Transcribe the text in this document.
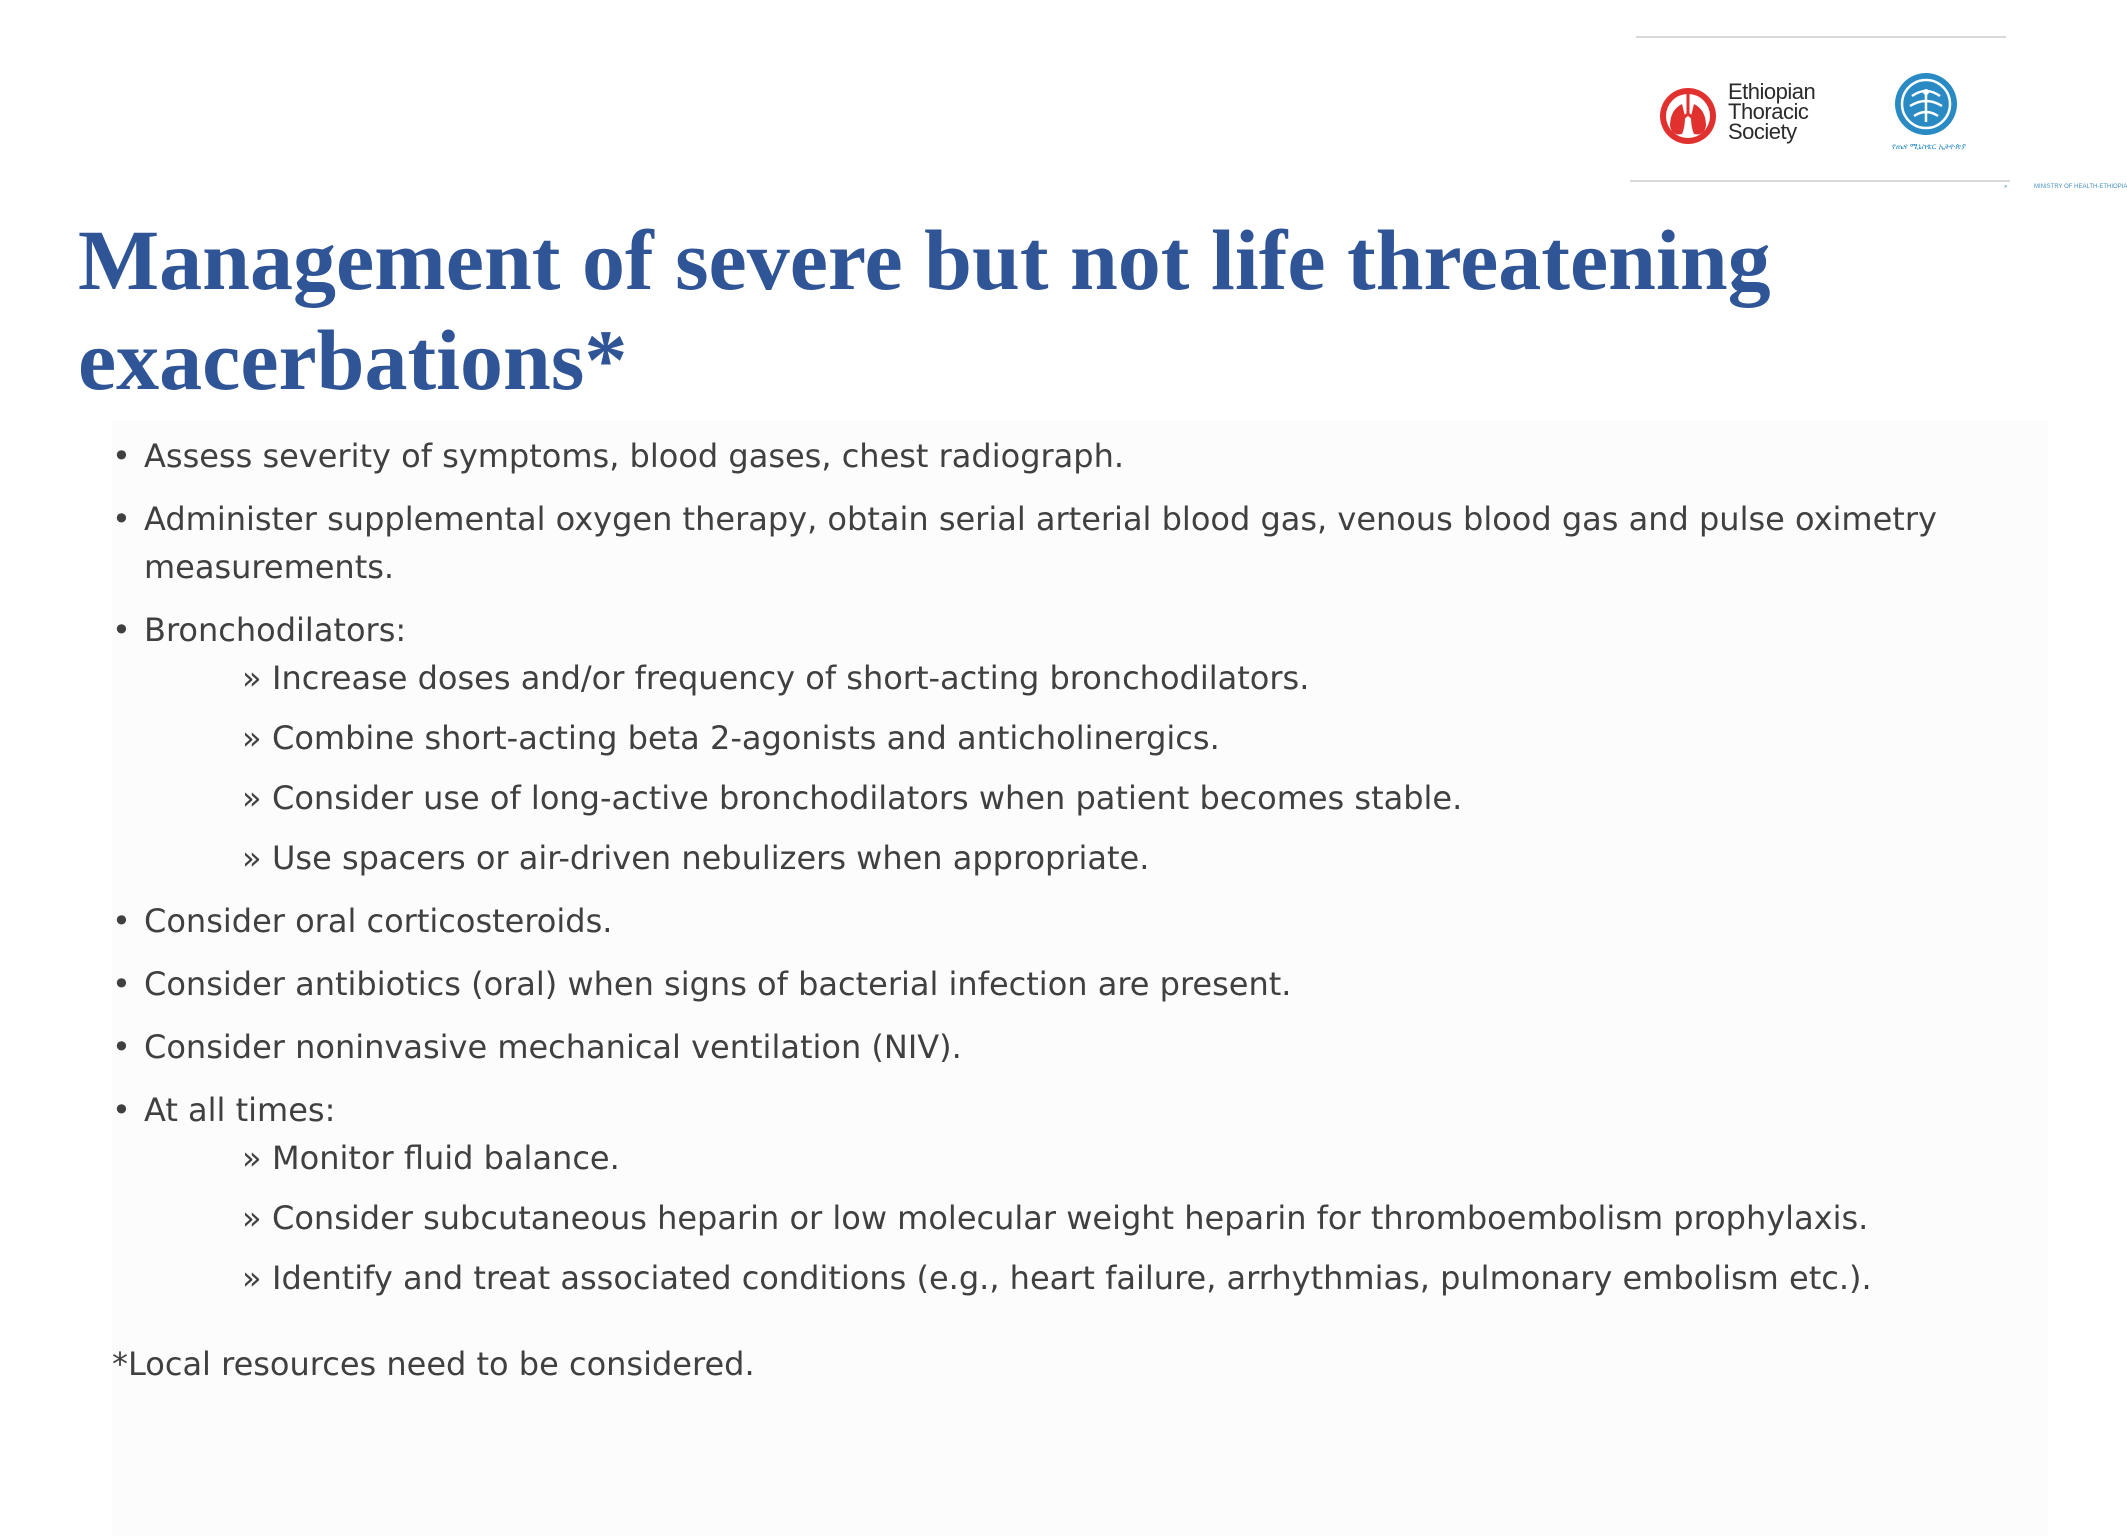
Ethiopian
Thoracic
Society
የጤና ሚኒስቴር ኢትዮጵያ
» MINISTRY OF HEALTH-ETHIOPIA
Management of severe but not life threatening
exacerbations*
• Assess severity of symptoms, blood gases, chest radiograph.
• Administer supplemental oxygen therapy, obtain serial arterial blood gas, venous blood gas and pulse oximetry measurements.
• Bronchodilators:
» Increase doses and/or frequency of short-acting bronchodilators.
» Combine short-acting beta 2-agonists and anticholinergics.
» Consider use of long-active bronchodilators when patient becomes stable.
» Use spacers or air-driven nebulizers when appropriate.
• Consider oral corticosteroids.
• Consider antibiotics (oral) when signs of bacterial infection are present.
• Consider noninvasive mechanical ventilation (NIV).
• At all times:
» Monitor fluid balance.
» Consider subcutaneous heparin or low molecular weight heparin for thromboembolism prophylaxis.
» Identify and treat associated conditions (e.g., heart failure, arrhythmias, pulmonary embolism etc.).
*Local resources need to be considered.
